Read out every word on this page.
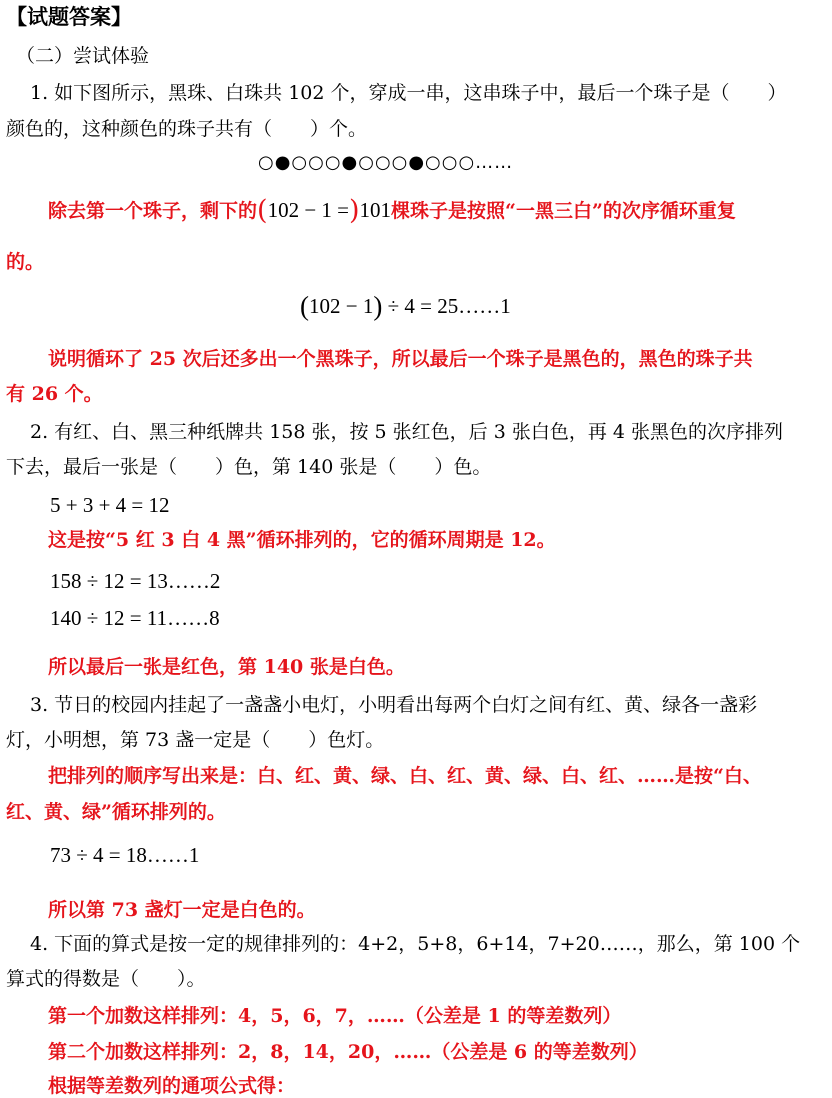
【试题答案】
（二）尝试体验
1. 如下图所示，黑珠、白珠共 102 个，穿成一串，这串珠子中，最后一个珠子是（　　）
颜色的，这种颜色的珠子共有（　　）个。
○●○○○●○○○●○○○……
除去第一个珠子，剩下的(102 − 1 =)101棵珠子是按照“一黑三白”的次序循环重复
的。
(102 − 1) ÷ 4 = 25……1
说明循环了 25 次后还多出一个黑珠子，所以最后一个珠子是黑色的，黑色的珠子共
有 26 个。
2. 有红、白、黑三种纸牌共 158 张，按 5 张红色，后 3 张白色，再 4 张黑色的次序排列
下去，最后一张是（　　）色，第 140 张是（　　）色。
5 + 3 + 4 = 12
这是按“5 红 3 白 4 黑”循环排列的，它的循环周期是 12。
158 ÷ 12 = 13……2
140 ÷ 12 = 11……8
所以最后一张是红色，第 140 张是白色。
3. 节日的校园内挂起了一盏盏小电灯，小明看出每两个白灯之间有红、黄、绿各一盏彩
灯，小明想，第 73 盏一定是（　　）色灯。
把排列的顺序写出来是：白、红、黄、绿、白、红、黄、绿、白、红、……是按“白、
红、黄、绿”循环排列的。
73 ÷ 4 = 18……1
所以第 73 盏灯一定是白色的。
4. 下面的算式是按一定的规律排列的：4+2，5+8，6+14，7+20……，那么，第 100 个
算式的得数是（　　）。
第一个加数这样排列：4，5，6，7，……（公差是 1 的等差数列）
第二个加数这样排列：2，8，14，20，……（公差是 6 的等差数列）
根据等差数列的通项公式得：
